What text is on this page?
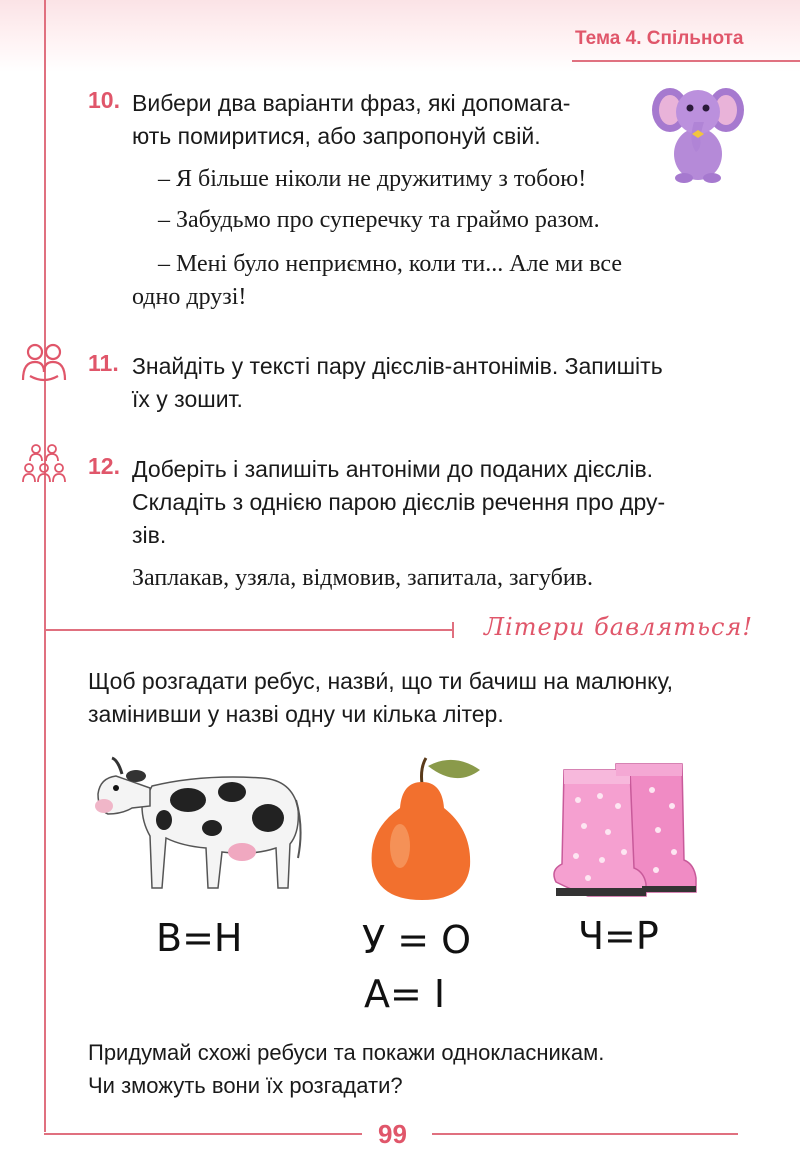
Тема 4. Спільнота
10. Вибери два варіанти фраз, які допомага-
ють помиритися, або запропонуй свій.
– Я більше ніколи не дружитиму з тобою!
– Забудьмо про суперечку та граймо разом.
– Мені було неприємно, коли ти... Але ми все
одно друзі!
11. Знайдіть у тексті пару дієслів-антонімів. Запишіть
їх у зошит.
12. Доберіть і запишіть антоніми до поданих дієслів.
Складіть з однією парою дієслів речення про дру-
зів.
Заплакав, узяла, відмовив, запитала, загубив.
Літери бавляться!
Щоб розгадати ребус, назви́, що ти бачиш на малюнку,
замінивши у назві одну чи кілька літер.
В=Н	У = О
А= І
Ч=Р
Придумай схожі ребуси та покажи однокласникам.
Чи зможуть вони їх розгадати?
99
